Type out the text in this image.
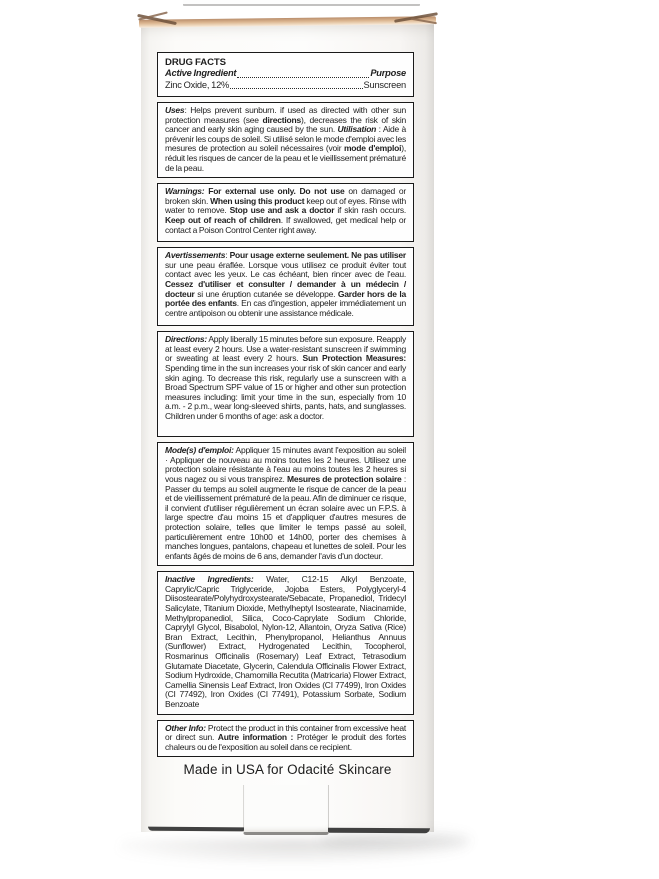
DRUG FACTS
Active Ingredient	Purpose
Zinc Oxide, 12%	Sunscreen

Uses: Helps prevent sunburn. if used as directed with other sun protection measures (see directions), decreases the risk of skin cancer and early skin aging caused by the sun. Utilisation : Aide à prévenir les coups de soleil. Si utilisé selon le mode d'emploi avec les mesures de protection au soleil nécessaires (voir mode d'emploi), réduit les risques de cancer de la peau et le vieillissement prématuré de la peau.

Warnings: For external use only. Do not use on damaged or broken skin. When using this product keep out of eyes. Rinse with water to remove. Stop use and ask a doctor if skin rash occurs. Keep out of reach of children. If swallowed, get medical help or contact a Poison Control Center right away.

Avertissements: Pour usage externe seulement. Ne pas utiliser sur une peau éraflée. Lorsque vous utilisez ce produit éviter tout contact avec les yeux. Le cas échéant, bien rincer avec de l'eau. Cessez d'utiliser et consulter / demander à un médecin / docteur si une éruption cutanée se développe. Garder hors de la portée des enfants. En cas d'ingestion, appeler immédiatement un centre antipoison ou obtenir une assistance médicale.

Directions: Apply liberally 15 minutes before sun exposure. Reapply at least every 2 hours. Use a water-resistant sunscreen if swimming or sweating at least every 2 hours. Sun Protection Measures: Spending time in the sun increases your risk of skin cancer and early skin aging. To decrease this risk, regularly use a sunscreen with a Broad Spectrum SPF value of 15 or higher and other sun protection measures including: limit your time in the sun, especially from 10 a.m. - 2 p.m., wear long-sleeved shirts, pants, hats, and sunglasses. Children under 6 months of age: ask a doctor.

Mode(s) d'emploi: Appliquer 15 minutes avant l'exposition au soleil · Appliquer de nouveau au moins toutes les 2 heures. Utilisez une protection solaire résistante à l'eau au moins toutes les 2 heures si vous nagez ou si vous transpirez. Mesures de protection solaire : Passer du temps au soleil augmente le risque de cancer de la peau et de vieillissement prématuré de la peau. Afin de diminuer ce risque, il convient d'utiliser régulièrement un écran solaire avec un F.P.S. à large spectre d'au moins 15 et d'appliquer d'autres mesures de protection solaire, telles que limiter le temps passé au soleil, particulièrement entre 10h00 et 14h00, porter des chemises à manches longues, pantalons, chapeau et lunettes de soleil. Pour les enfants âgés de moins de 6 ans, demander l'avis d'un docteur.

Inactive Ingredients: Water, C12-15 Alkyl Benzoate, Caprylic/Capric Triglyceride, Jojoba Esters, Polyglyceryl-4 Diisostearate/Polyhydroxystearate/Sebacate, Propanediol, Tridecyl Salicylate, Titanium Dioxide, Methylheptyl Isostearate, Niacinamide, Methylpropanediol, Silica, Coco-Caprylate Sodium Chloride, Caprylyl Glycol, Bisabolol, Nylon-12, Allantoin, Oryza Sativa (Rice) Bran Extract, Lecithin, Phenylpropanol, Helianthus Annuus (Sunflower) Extract, Hydrogenated Lecithin, Tocopherol, Rosmarinus Officinalis (Rosemary) Leaf Extract, Tetrasodium Glutamate Diacetate, Glycerin, Calendula Officinalis Flower Extract, Sodium Hydroxide, Chamomilla Recutita (Matricaria) Flower Extract, Camellia Sinensis Leaf Extract, Iron Oxides (CI 77499), Iron Oxides (CI 77492), Iron Oxides (CI 77491), Potassium Sorbate, Sodium Benzoate

Other Info: Protect the product in this container from excessive heat or direct sun. Autre information : Protéger le produit des fortes chaleurs ou de l'exposition au soleil dans ce recipient.

Made in USA for Odacité Skincare
